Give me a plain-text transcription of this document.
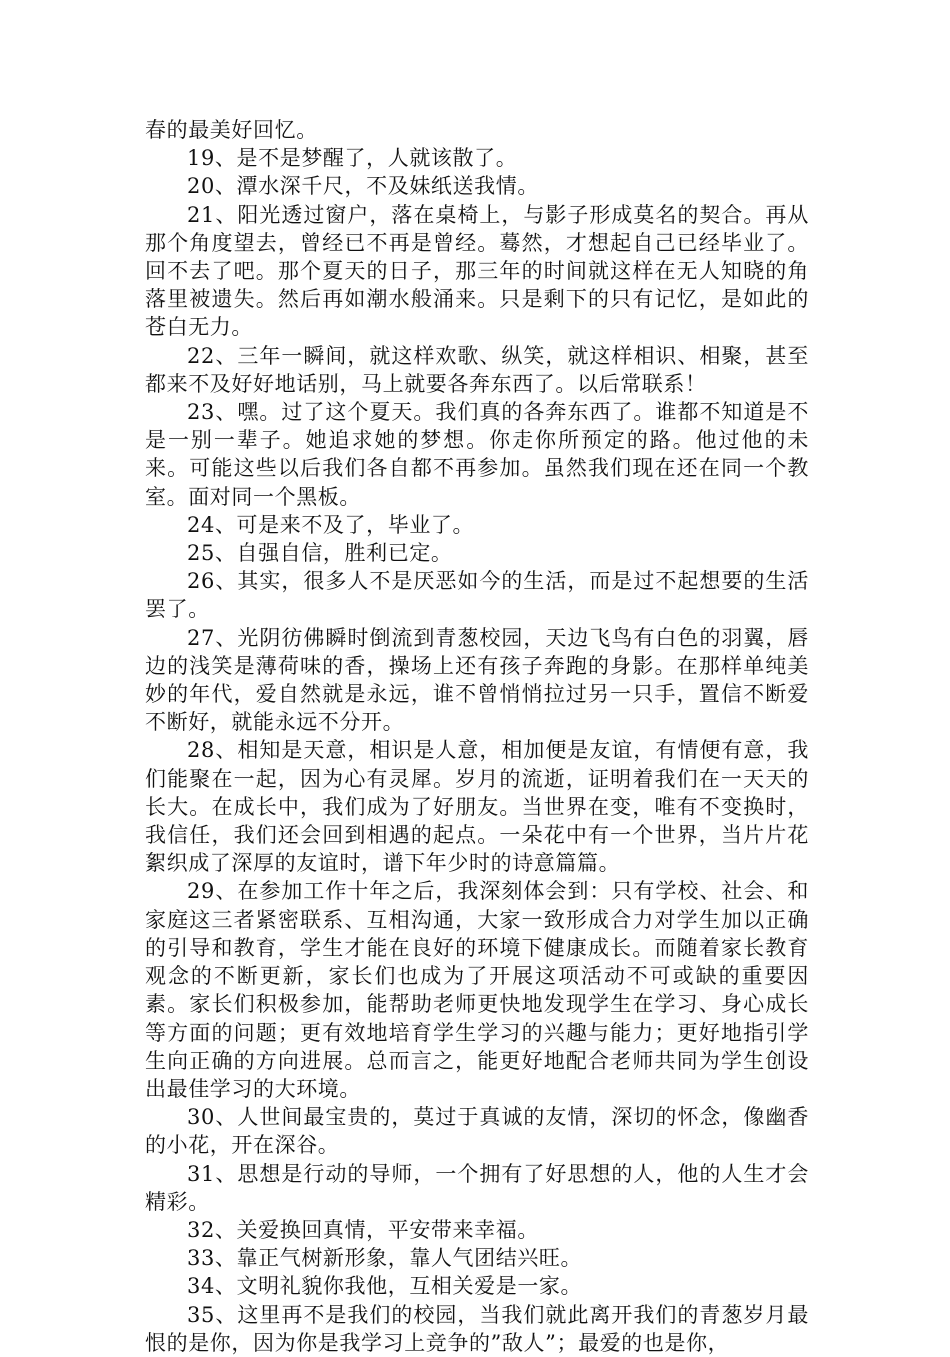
春的最美好回忆。

19、是不是梦醒了，人就该散了。

20、潭水深千尺，不及妹纸送我情。

21、阳光透过窗户，落在桌椅上，与影子形成莫名的契合。再从那个角度望去，曾经已不再是曾经。蓦然，才想起自己已经毕业了。回不去了吧。那个夏天的日子，那三年的时间就这样在无人知晓的角落里被遗失。然后再如潮水般涌来。只是剩下的只有记忆，是如此的苍白无力。

22、三年一瞬间，就这样欢歌、纵笑，就这样相识、相聚，甚至都来不及好好地话别，马上就要各奔东西了。以后常联系！

23、嘿。过了这个夏天。我们真的各奔东西了。谁都不知道是不是一别一辈子。她追求她的梦想。你走你所预定的路。他过他的未来。可能这些以后我们各自都不再参加。虽然我们现在还在同一个教室。面对同一个黑板。

24、可是来不及了，毕业了。

25、自强自信，胜利已定。

26、其实，很多人不是厌恶如今的生活，而是过不起想要的生活罢了。

27、光阴彷佛瞬时倒流到青葱校园，天边飞鸟有白色的羽翼，唇边的浅笑是薄荷味的香，操场上还有孩子奔跑的身影。在那样单纯美妙的年代，爱自然就是永远，谁不曾悄悄拉过另一只手，置信不断爱不断好，就能永远不分开。

28、相知是天意，相识是人意，相加便是友谊，有情便有意，我们能聚在一起，因为心有灵犀。岁月的流逝，证明着我们在一天天的长大。在成长中，我们成为了好朋友。当世界在变，唯有不变换时，我信任，我们还会回到相遇的起点。一朵花中有一个世界，当片片花絮织成了深厚的友谊时，谱下年少时的诗意篇篇。

29、在参加工作十年之后，我深刻体会到：只有学校、社会、和家庭这三者紧密联系、互相沟通，大家一致形成合力对学生加以正确的引导和教育，学生才能在良好的环境下健康成长。而随着家长教育观念的不断更新，家长们也成为了开展这项活动不可或缺的重要因素。家长们积极参加，能帮助老师更快地发现学生在学习、身心成长等方面的问题；更有效地培育学生学习的兴趣与能力；更好地指引学生向正确的方向进展。总而言之，能更好地配合老师共同为学生创设出最佳学习的大环境。

30、人世间最宝贵的，莫过于真诚的友情，深切的怀念，像幽香的小花，开在深谷。

31、思想是行动的导师，一个拥有了好思想的人，他的人生才会精彩。

32、关爱换回真情，平安带来幸福。

33、靠正气树新形象，靠人气团结兴旺。

34、文明礼貌你我他，互相关爱是一家。

35、这里再不是我们的校园，当我们就此离开我们的青葱岁月最恨的是你，因为你是我学习上竞争的”敌人”；最爱的也是你，
